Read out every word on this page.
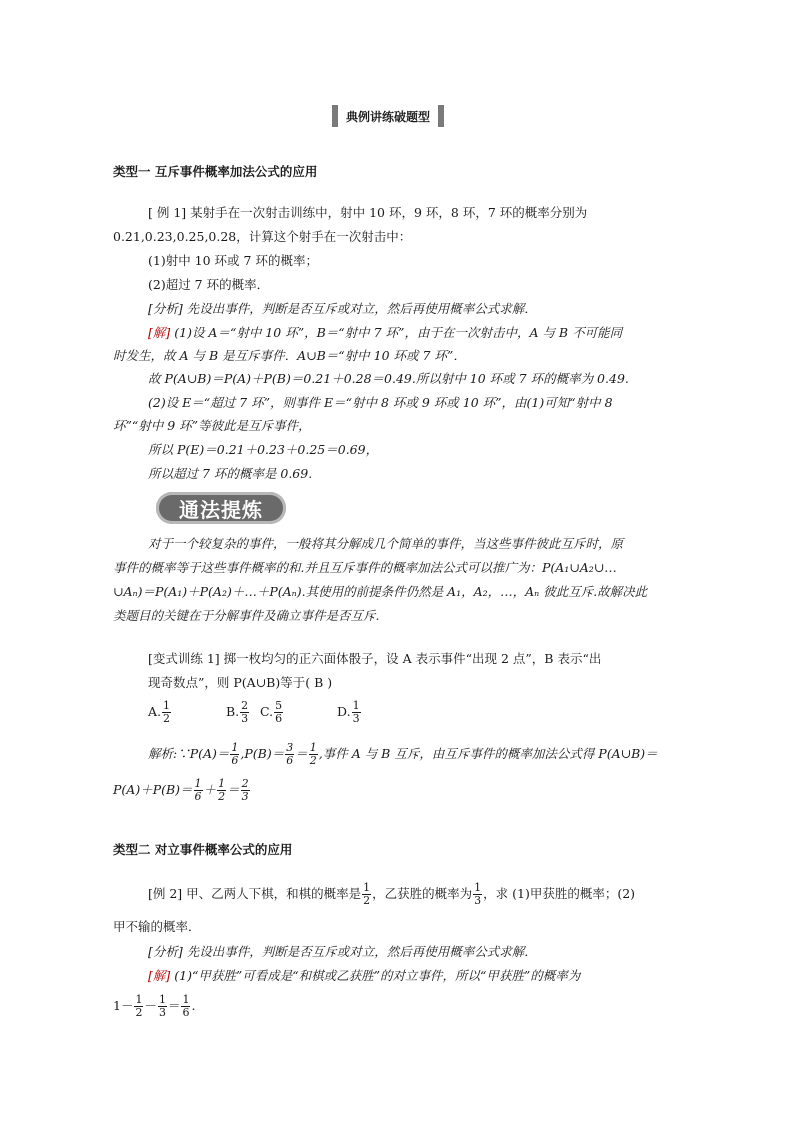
典例讲练破题型
类型一 互斥事件概率加法公式的应用
[ 例 1] 某射手在一次射击训练中，射中 10 环，9 环，8 环，7 环的概率分别为
0.21,0.23,0.25,0.28，计算这个射手在一次射击中：
(1)射中 10 环或 7 环的概率；
(2)超过 7 环的概率．
[分析] 先设出事件，判断是否互斥或对立，然后再使用概率公式求解．
[解] (1)设 A＝“射中 10 环”，B＝“射中 7 环”，由于在一次射击中，A 与 B 不可能同
时发生，故 A 与 B 是互斥事件．A∪B＝“射中 10 环或 7 环”．
故 P(A∪B)＝P(A)＋P(B)＝0.21＋0.28＝0.49.所以射中 10 环或 7 环的概率为 0.49.
(2)设 E＝“超过 7 环”，则事件 E＝“射中 8 环或 9 环或 10 环”，由(1)可知“射中 8
环”“射中 9 环”等彼此是互斥事件，
所以 P(E)＝0.21＋0.23＋0.25＝0.69，
所以超过 7 环的概率是 0.69.
通法提炼
对于一个较复杂的事件，一般将其分解成几个简单的事件，当这些事件彼此互斥时，原
事件的概率等于这些事件概率的和.并且互斥事件的概率加法公式可以推广为：P(A₁∪A₂∪…
∪Aₙ)＝P(A₁)＋P(A₂)＋…＋P(Aₙ).其使用的前提条件仍然是 A₁，A₂，…，Aₙ 彼此互斥.故解决此
类题目的关键在于分解事件及确立事件是否互斥.
[变式训练 1] 掷一枚均匀的正六面体骰子，设 A 表示事件“出现 2 点”，B 表示“出
现奇数点”，则 P(A∪B)等于( B )
A. $\frac{1}{2}$	B. $\frac{2}{3} C$. $\frac{5}{6}$	D. $\frac{1}{3}$
解析:∵P(A)＝ $\frac{1}{6} ,P(B)= \frac{3}{6} = \frac{1}{2}$ ,事件 A 与 B 互斥，由互斥事件的概率加法公式得 P(A∪B)＝
$P(A)+P(B)= \frac{1}{6} + \frac{1}{2} = \frac{2}{3}$
类型二 对立事件概率公式的应用
[例 2] 甲、乙两人下棋，和棋的概率是 $\frac{1}{2}$ ，乙获胜的概率为 $\frac{1}{3}$ ，求 (1)甲获胜的概率；(2)
甲不输的概率．
[分析] 先设出事件，判断是否互斥或对立，然后再使用概率公式求解．
[解] (1)“甲获胜”可看成是“和棋或乙获胜”的对立事件，所以“甲获胜”的概率为
$1- \frac{1}{2} - \frac{1}{3} = \frac{1}{6}$ .
